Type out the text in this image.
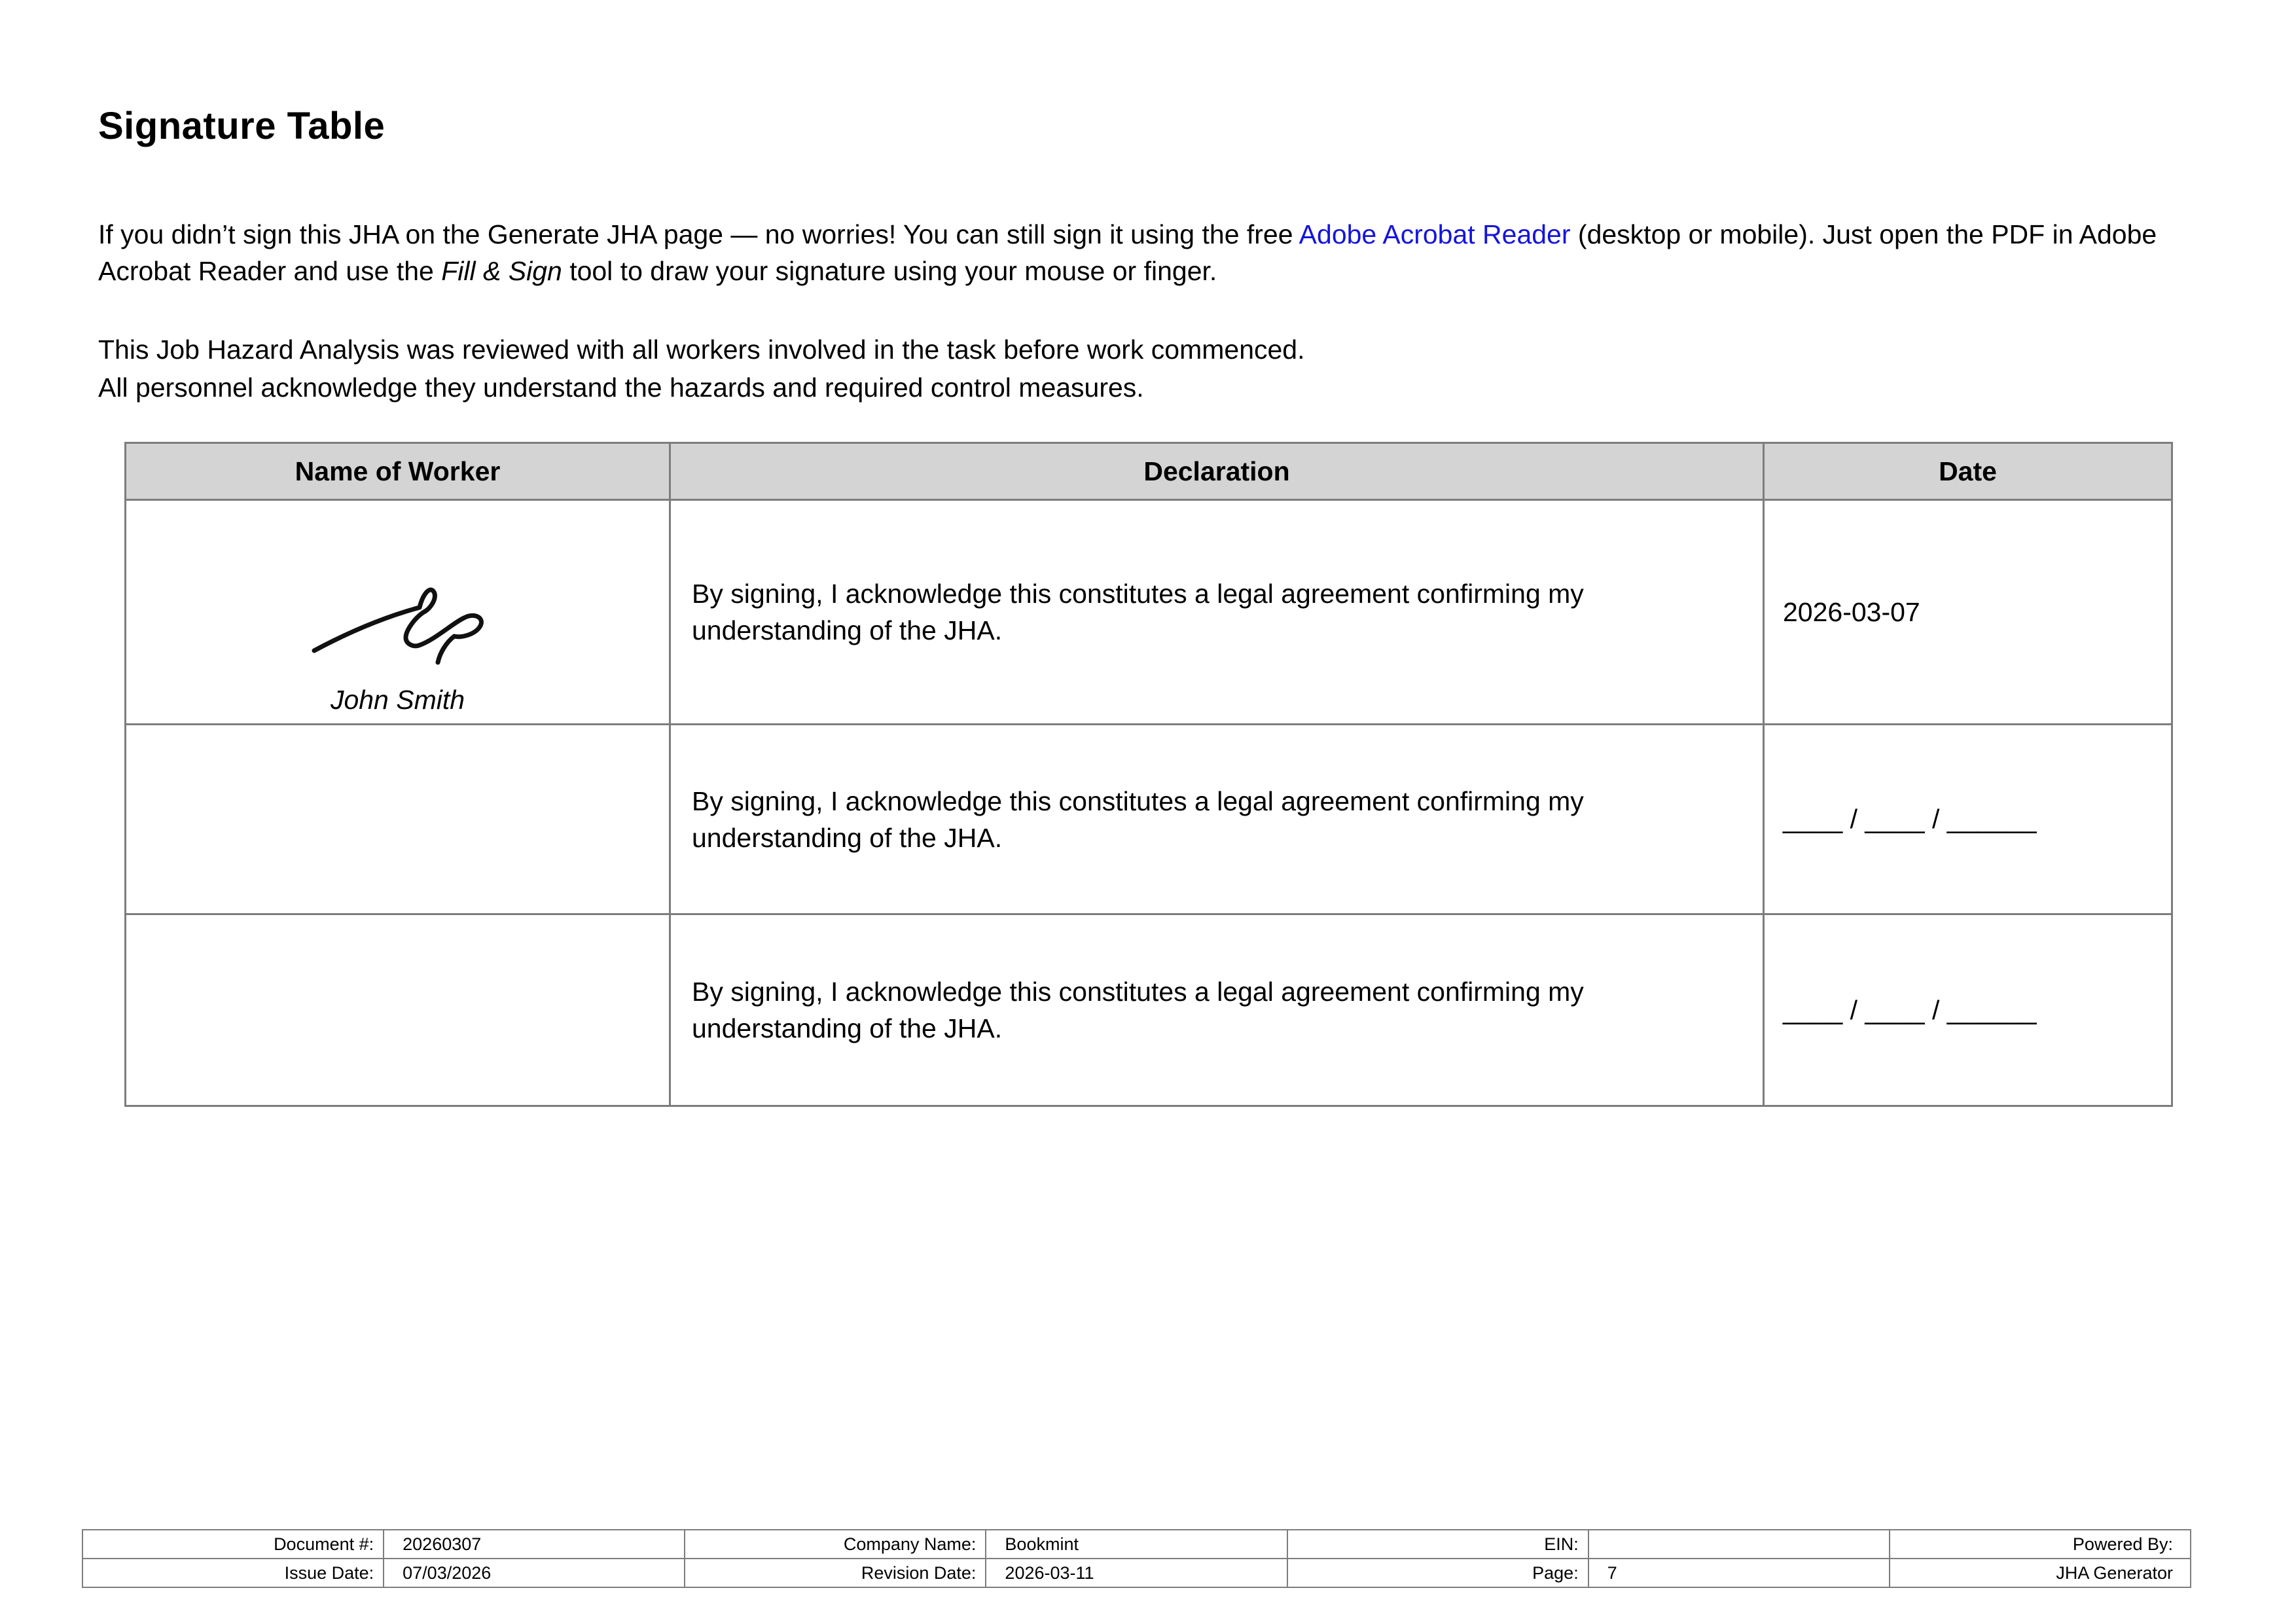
Signature Table

If you didn’t sign this JHA on the Generate JHA page — no worries! You can still sign it using the free Adobe Acrobat Reader (desktop or mobile). Just open the PDF in Adobe Acrobat Reader and use the Fill & Sign tool to draw your signature using your mouse or finger.

This Job Hazard Analysis was reviewed with all workers involved in the task before work commenced.
All personnel acknowledge they understand the hazards and required control measures.

Name of Worker	Declaration	Date

John Smith	By signing, I acknowledge this constitutes a legal agreement confirming my understanding of the JHA.	2026-03-07
	By signing, I acknowledge this constitutes a legal agreement confirming my understanding of the JHA.	____ / ____ / ______
	By signing, I acknowledge this constitutes a legal agreement confirming my understanding of the JHA.	____ / ____ / ______
Document #:	20260307	Company Name:	Bookmint	EIN:		Powered By:
Issue Date:	07/03/2026	Revision Date:	2026-03-11	Page:	7	JHA Generator
